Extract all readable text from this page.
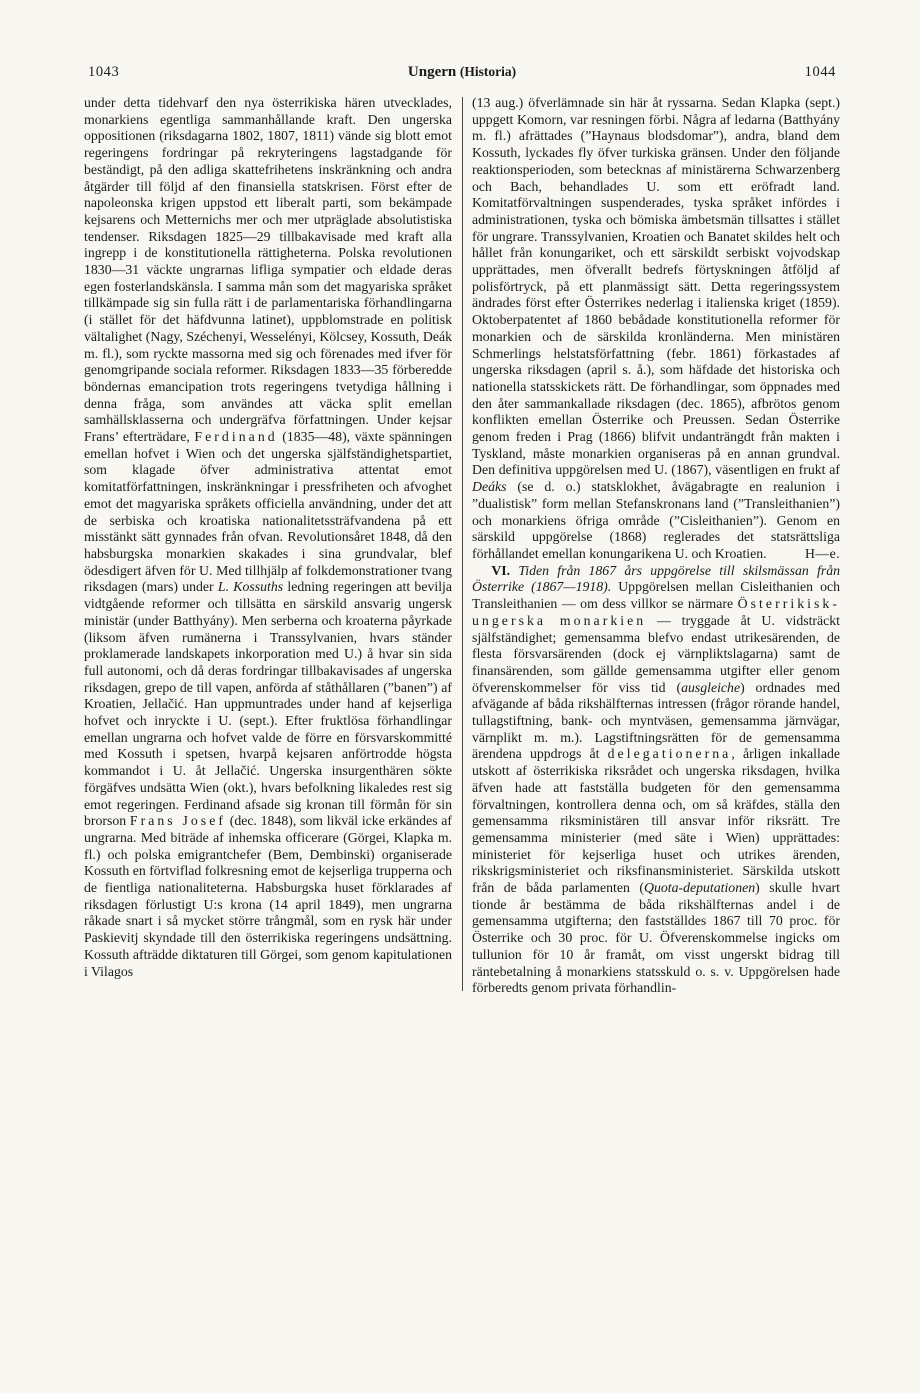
1043	Ungern (Historia)	1044

under detta tidehvarf den nya österrikiska hären utvecklades, monarkiens egentliga sammanhållande kraft. Den ungerska oppositionen (riksdagarna 1802, 1807, 1811) vände sig blott emot regeringens fordringar på rekryteringens lagstadgande för beständigt, på den adliga skattefrihetens inskränkning och andra åtgärder till följd af den finansiella statskrisen. Först efter de napoleonska krigen uppstod ett liberalt parti, som bekämpade kejsarens och Metternichs mer och mer utpräglade absolutistiska tendenser. Riksdagen 1825—29 tillbakavisade med kraft alla ingrepp i de konstitutionella rättigheterna. Polska revolutionen 1830—31 väckte ungrarnas lifliga sympatier och eldade deras egen fosterlandskänsla. I samma mån som det magyariska språket tillkämpade sig sin fulla rätt i de parlamentariska förhandlingarna (i stället för det häfdvunna latinet), uppblomstrade en politisk vältalighet (Nagy, Széchenyi, Wesselényi, Kölcsey, Kossuth, Deák m. fl.), som ryckte massorna med sig och förenades med ifver för genomgripande sociala reformer. Riksdagen 1833—35 förberedde böndernas emancipation trots regeringens tvetydiga hållning i denna fråga, som användes att väcka split emellan samhällsklasserna och undergräfva författningen. Under kejsar Frans’ efterträdare, Ferdinand (1835—48), växte spänningen emellan hofvet i Wien och det ungerska själfständighetspartiet, som klagade öfver administrativa attentat emot komitatförfattningen, inskränkningar i pressfriheten och afvoghet emot det magyariska språkets officiella användning, under det att de serbiska och kroatiska nationalitetssträfvandena på ett misstänkt sätt gynnades från ofvan. Revolutionsåret 1848, då den habsburgska monarkien skakades i sina grundvalar, blef ödesdigert äfven för U. Med tillhjälp af folkdemonstrationer tvang riksdagen (mars) under L. Kossuths ledning regeringen att bevilja vidtgående reformer och tillsätta en särskild ansvarig ungersk ministär (under Batthyány). Men serberna och kroaterna påyrkade (liksom äfven rumänerna i Transsylvanien, hvars ständer proklamerade landskapets inkorporation med U.) å hvar sin sida full autonomi, och då deras fordringar tillbakavisades af ungerska riksdagen, grepo de till vapen, anförda af ståthållaren (”banen”) af Kroatien, Jellačić. Han uppmuntrades under hand af kejserliga hofvet och inryckte i U. (sept.). Efter fruktlösa förhandlingar emellan ungrarna och hofvet valde de förre en försvarskommitté med Kossuth i spetsen, hvarpå kejsaren anförtrodde högsta kommandot i U. åt Jellačić. Ungerska insurgenthären sökte förgäfves undsätta Wien (okt.), hvars befolkning likaledes rest sig emot regeringen. Ferdinand afsade sig kronan till förmån för sin brorson Frans Josef (dec. 1848), som likväl icke erkändes af ungrarna. Med biträde af inhemska officerare (Görgei, Klapka m. fl.) och polska emigrantchefer (Bem, Dembinski) organiserade Kossuth en förtviflad folkresning emot de kejserliga trupperna och de fientliga nationaliteterna. Habsburgska huset förklarades af riksdagen förlustigt U:s krona (14 april 1849), men ungrarna råkade snart i så mycket större trångmål, som en rysk här under Paskievitj skyndade till den österrikiska regeringens undsättning. Kossuth afträdde diktaturen till Görgei, som genom kapitulationen i Vilagos

(13 aug.) öfverlämnade sin här åt ryssarna. Sedan Klapka (sept.) uppgett Komorn, var resningen förbi. Några af ledarna (Batthyány m. fl.) afrättades (”Haynaus blodsdomar”), andra, bland dem Kossuth, lyckades fly öfver turkiska gränsen. Under den följande reaktionsperioden, som betecknas af ministärerna Schwarzenberg och Bach, behandlades U. som ett eröfradt land. Komitatförvaltningen suspenderades, tyska språket infördes i administrationen, tyska och bömiska ämbetsmän tillsattes i stället för ungrare. Transsylvanien, Kroatien och Banatet skildes helt och hållet från konungariket, och ett särskildt serbiskt vojvodskap upprättades, men öfverallt bedrefs förtyskningen åtföljd af polisförtryck, på ett planmässigt sätt. Detta regeringssystem ändrades först efter Österrikes nederlag i italienska kriget (1859). Oktoberpatentet af 1860 bebådade konstitutionella reformer för monarkien och de särskilda kronländerna. Men ministären Schmerlings helstatsförfattning (febr. 1861) förkastades af ungerska riksdagen (april s. å.), som häfdade det historiska och nationella statsskickets rätt. De förhandlingar, som öppnades med den åter sammankallade riksdagen (dec. 1865), afbrötos genom konflikten emellan Österrike och Preussen. Sedan Österrike genom freden i Prag (1866) blifvit undanträngdt från makten i Tyskland, måste monarkien organiseras på en annan grundval. Den definitiva uppgörelsen med U. (1867), väsentligen en frukt af Deáks (se d. o.) statsklokhet, åvägabragte en realunion i ”dualistisk” form mellan Stefanskronans land (”Transleithanien”) och monarkiens öfriga område (”Cisleithanien”). Genom en särskild uppgörelse (1868) reglerades det statsrättsliga förhållandet emellan konungarikena U. och Kroatien.	H—e.

VI. Tiden från 1867 års uppgörelse till skilsmässan från Österrike (1867—1918). Uppgörelsen mellan Cisleithanien och Transleithanien — om dess villkor se närmare Österrikisk-ungerska monarkien — tryggade åt U. vidsträckt själfständighet; gemensamma blefvo endast utrikesärenden, de flesta försvarsärenden (dock ej värnpliktslagarna) samt de finansärenden, som gällde gemensamma utgifter eller genom öfverenskommelser för viss tid (ausgleiche) ordnades med afvägande af båda rikshälfternas intressen (frågor rörande handel, tullagstiftning, bank- och myntväsen, gemensamma järnvägar, värnplikt m. m.). Lagstiftningsrätten för de gemensamma ärendena uppdrogs åt delegationerna, årligen inkallade utskott af österrikiska riksrådet och ungerska riksdagen, hvilka äfven hade att fastställa budgeten för den gemensamma förvaltningen, kontrollera denna och, om så kräfdes, ställa den gemensamma riksministären till ansvar inför riksrätt. Tre gemensamma ministerier (med säte i Wien) upprättades: ministeriet för kejserliga huset och utrikes ärenden, rikskrigsministeriet och riksfinansministeriet. Särskilda utskott från de båda parlamenten (Quota-deputationen) skulle hvart tionde år bestämma de båda rikshälfternas andel i de gemensamma utgifterna; den fastställdes 1867 till 70 proc. för Österrike och 30 proc. för U. Öfverenskommelse ingicks om tullunion för 10 år framåt, om visst ungerskt bidrag till räntebetalning å monarkiens statsskuld o. s. v. Uppgörelsen hade förberedts genom privata förhandlin-
